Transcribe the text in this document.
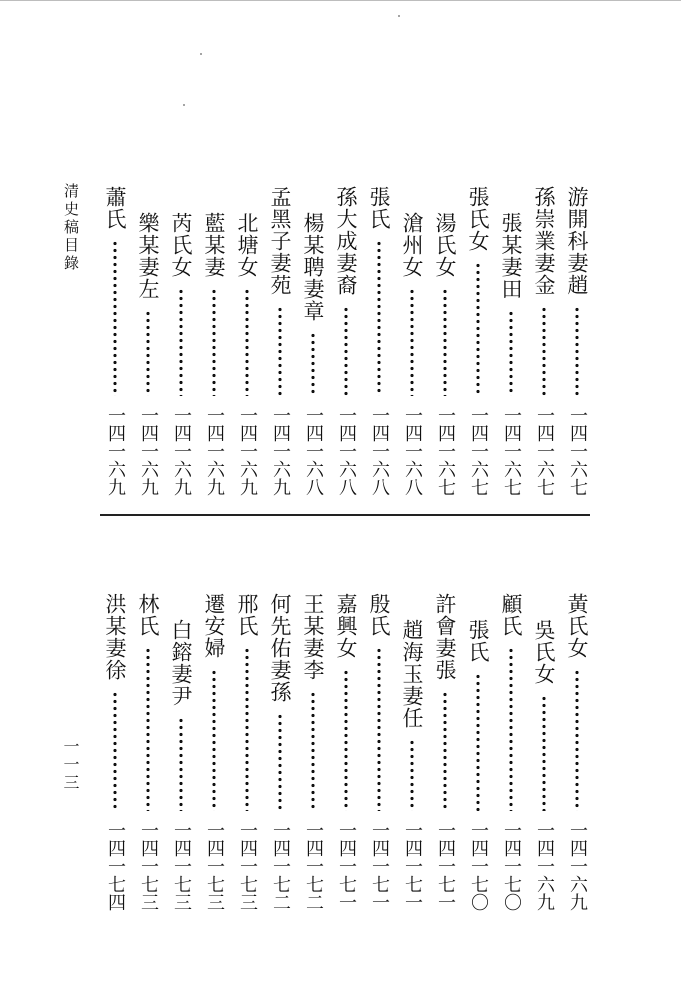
清史稿目錄	游開科妻趙
一四一六七
孫崇業妻金
一四一六七
張某妻田
一四一六七
張氏女
一四一六七
湯氏女
一四一六七
滄州女
一四一六八
張氏
一四一六八
孫大成妻裔
一四一六八
楊某聘妻章
一四一六八
孟黑子妻苑
一四一六九
北塘女
一四一六九
藍某妻
一四一六九
芮氏女
一四一六九
樂某妻左
一四一六九
蕭氏
一四一六九
黃氏女
一四一六九
吳氏女
一四一六九
顧氏
一四一七〇
張氏
一四一七〇
許會妻張
一四一七一
趙海玉妻任
一四一七一
殷氏
一四一七一
嘉興女
一四一七一
王某妻李
一四一七二
何先佑妻孫
一四一七二
邢氏
一四一七三
遷安婦
一四一七三
白鎔妻尹
一四一七三
林氏
一四一七三
洪某妻徐
一四一七四
一一三
